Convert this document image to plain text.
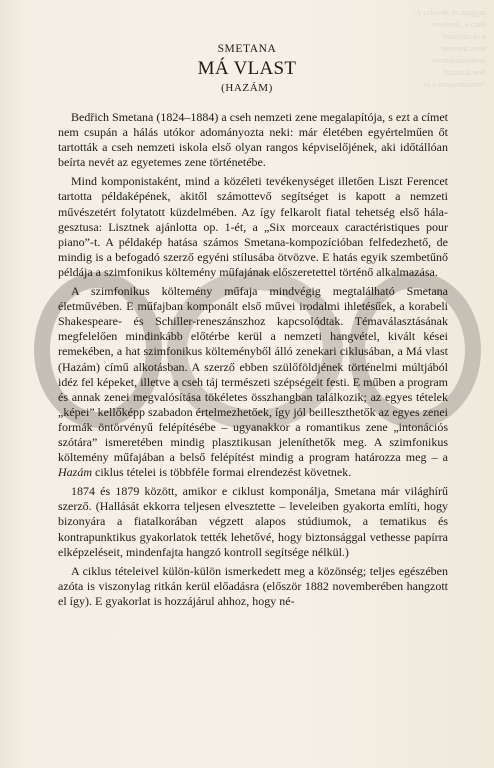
"A szlovák és magyar
zenének, a cseh
hazafias és a
nemzeti zene
vonatkozásában
hatással volt
rá a programzene"
SMETANA
MÁ VLAST
(HAZÁM)

Bedřich Smetana (1824–1884) a cseh nemzeti zene megalapítója, s ezt a címet nem csupán a hálás utókor adományozta neki: már életében egyértelműen őt tartották a cseh nemzeti iskola első olyan rangos képviselőjének, aki időtállóan beírta nevét az egyetemes zene történetébe.

Mind komponistaként, mind a közéleti tevékenységet illetően Liszt Ferencet tartotta példaképének, akitől számottevő segítséget is kapott a nemzeti művészetért folytatott küzdelmében. Az így felkarolt fiatal tehetség első hála-gesztusa: Lisztnek ajánlotta op. 1-ét, a „Six morceaux caractéristiques pour piano”-t. A példakép hatása számos Smetana-kompozícióban felfedezhető, de mindig is a befogadó szerző egyéni stílusába ötvözve. E hatás egyik szembetűnő példája a szimfonikus költemény műfajának előszeretettel történő alkalmazása.

A szimfonikus költemény műfaja mindvégig megtalálható Smetana életművében. E műfajban komponált első művei irodalmi ihletésűek, a korabeli Shakespeare- és Schiller-reneszánszhoz kapcsolódtak. Témaválasztásának megfelelően mindinkább előtérbe kerül a nemzeti hangvétel, kivált kései remekében, a hat szimfonikus költeményből álló zenekari ciklusában, a Má vlast (Hazám) című alkotásban. A szerző ebben szülőföldjének történelmi múltjából idéz fel képeket, illetve a cseh táj természeti szépségeit festi. E műben a program és annak zenei megvalósítása tökéletes összhangban találkozik; az egyes tételek „képei” kellőképp szabadon értelmezhetőek, így jól beilleszthetők az egyes zenei formák öntörvényű felépítésébe – ugyanakkor a romantikus zene „intonációs szótára” ismeretében mindig plasztikusan jeleníthetők meg. A szimfonikus költemény műfajában a belső felépítést mindig a program határozza meg – a Hazám ciklus tételei is többféle formai elrendezést követnek.

1874 és 1879 között, amikor e ciklust komponálja, Smetana már világhírű szerző. (Hallását ekkorra teljesen elvesztette – leveleiben gyakorta említi, hogy bizonyára a fiatalkorában végzett alapos stúdiumok, a tematikus és kontrapunktikus gyakorlatok tették lehetővé, hogy biztonsággal vethesse papírra elképzeléseit, mindenfajta hangzó kontroll segítsége nélkül.)

A ciklus tételeivel külön-külön ismerkedett meg a közönség; teljes egészében azóta is viszonylag ritkán kerül előadásra (először 1882 novemberében hangzott el így). E gyakorlat is hozzájárul ahhoz, hogy né-
